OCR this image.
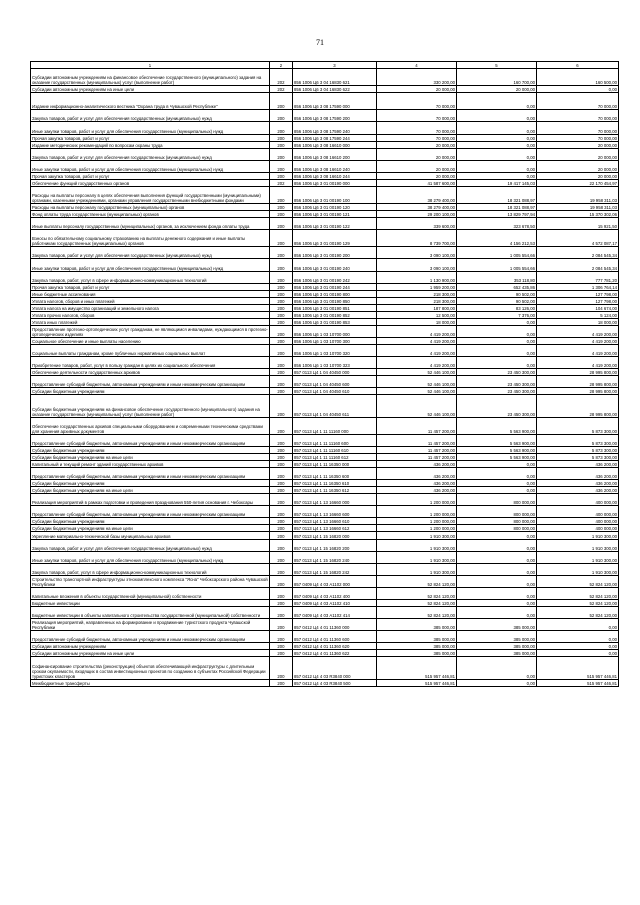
71
1	2	3	4	5	6
Субсидии автономным учреждениям на финансовое обеспечение государственного (муниципального) задания на оказание государственных (муниципальных) услуг (выполнение работ)	202	856 1006 Ц6 3 04 16830 621	330 200,00	160 700,00	160 500,00
Субсидии автономным учреждениям на иные цели	202	856 1006 Ц6 3 04 16830 622	20 000,00	20 000,00	0,00
Издание информационно-аналитического вестника "Охрана труда в Чувашской Республике"	200	856 1006 Ц6 3 08 17590 000	70 000,00	0,00	70 000,00
Закупка товаров, работ и услуг для обеспечения государственных (муниципальных) нужд	200	856 1006 Ц6 3 08 17590 200	70 000,00	0,00	70 000,00
Иные закупки товаров, работ и услуг для обеспечения государственных (муниципальных) нужд	200	856 1006 Ц6 3 08 17590 240	70 000,00	0,00	70 000,00
Прочая закупка товаров, работ и услуг	200	856 1006 Ц6 3 08 17590 244	70 000,00	0,00	70 000,00
Издание методических рекомендаций по вопросам охраны труда	200	856 1006 Ц6 3 08 16610 000	20 000,00	0,00	20 000,00
Закупка товаров, работ и услуг для обеспечения государственных (муниципальных) нужд	200	856 1006 Ц6 3 08 16610 200	20 000,00	0,00	20 000,00
Иные закупки товаров, работ и услуг для обеспечения государственных (муниципальных) нужд	200	856 1006 Ц6 3 08 16610 240	20 000,00	0,00	20 000,00
Прочая закупка товаров, работ и услуг	200	856 1006 Ц6 3 08 16610 244	20 000,00	0,00	20 000,00
Обеспечение функций государственных органов	202	856 1006 Ц6 3 01 00190 000	41 587 600,00	19 417 145,03	22 170 454,97
Расходы на выплаты персоналу в целях обеспечения выполнения функций государственными (муниципальными) органами, казенными учреждениями, органами управления государственными внебюджетными фондами	200	856 1006 Ц6 3 01 00190 100	38 279 400,00	18 321 088,97	19 958 311,03
Расходы на выплаты персоналу государственных (муниципальных) органов	200	856 1006 Ц6 3 01 00190 120	38 279 400,00	18 321 088,97	19 958 311,03
Фонд оплаты труда государственных (муниципальных) органов	200	856 1006 Ц6 3 01 00190 121	29 200 100,00	13 829 797,94	15 370 302,06
Иные выплаты персоналу государственных (муниципальных) органов, за исключением фонда оплаты труда	200	856 1006 Ц6 3 01 00190 122	339 600,00	323 678,50	15 921,50
Взносы по обязательному социальному страхованию на выплаты денежного содержания и иные выплаты работникам государственных (муниципальных) органов	200	856 1006 Ц6 3 01 00190 129	8 739 700,00	4 156 212,53	4 572 087,17
Закупка товаров, работ и услуг для обеспечения государственных (муниципальных) нужд	200	856 1006 Ц6 3 01 00190 200	3 090 100,00	1 005 554,66	2 084 545,34
Иные закупки товаров, работ и услуг для обеспечения государственных (муниципальных) нужд	200	856 1006 Ц6 3 01 00190 240	3 090 100,00	1 005 554,66	2 084 545,34
Закупка товаров, работ, услуг в сфере информационно-коммуникационных технологий	200	856 1006 Ц6 3 01 00190 242	1 130 900,00	353 118,80	777 781,20
Прочая закупка товаров, работ и услуг	200	856 1006 Ц6 3 01 00190 244	1 959 200,00	652 435,86	1 306 764,14
Иные бюджетные ассигнования	200	856 1006 Ц6 3 01 00190 800	218 300,00	90 502,00	127 798,00
Уплата налогов, сборов и иных платежей	200	856 1006 Ц6 3 01 00190 850	218 300,00	90 502,00	127 798,00
Уплата налога на имущество организаций и земельного налога	200	856 1006 Ц6 3 01 00190 851	187 800,00	83 126,00	104 674,00
Уплата прочих налогов, сборов	200	856 1006 Ц6 3 01 00190 852	12 500,00	7 376,00	5 124,00
Уплата иных платежей	200	856 1006 Ц6 3 01 00190 853	18 000,00	0,00	18 000,00
Предоставление протезно-ортопедических услуг гражданам, не являющимся инвалидами, нуждающимся в протезно-ортопедических изделиях	200	856 1006 Ц6 1 03 10700 000	4 419 200,00	0,00	4 419 200,00
Социальное обеспечение и иные выплаты населению	200	856 1006 Ц6 1 03 10700 300	4 419 200,00	0,00	4 419 200,00
Социальные выплаты гражданам, кроме публичных нормативных социальных выплат	200	856 1006 Ц6 1 03 10700 320	4 419 200,00	0,00	4 419 200,00
Приобретение товаров, работ, услуг в пользу граждан в целях их социального обеспечения	200	856 1006 Ц6 1 03 10700 323	4 419 200,00	0,00	4 419 200,00
Обеспечение деятельности государственных архивов	200	857 0113 Ц4 1 04 40450 000	52 446 100,00	23 450 300,00	28 995 800,00
Предоставление субсидий бюджетным, автономным учреждениям и иным некоммерческим организациям	200	857 0113 Ц4 1 04 40450 600	52 446 100,00	23 450 300,00	28 995 800,00
Субсидии бюджетным учреждениям	200	857 0113 Ц4 1 04 40450 610	52 446 100,00	23 450 300,00	28 995 800,00
Субсидии бюджетным учреждениям на финансовое обеспечение государственного (муниципального) задания на оказание государственных (муниципальных) услуг (выполнение работ)	200	857 0113 Ц4 1 04 40450 611	52 446 100,00	23 450 300,00	28 995 800,00
Обеспечение государственных архивов специальными оборудованием и современными техническими средствами для хранения архивных документов	200	857 0113 Ц4 1 11 11160 000	11 457 200,00	5 563 900,00	5 873 300,00
Предоставление субсидий бюджетным, автономным учреждениям и иным некоммерческим организациям	200	857 0113 Ц4 1 11 11160 600	11 457 200,00	5 563 900,00	5 873 300,00
Субсидии бюджетным учреждениям	200	857 0113 Ц4 1 11 11160 610	11 457 200,00	5 563 900,00	5 873 300,00
Субсидии бюджетным учреждениям на иные цели	200	857 0113 Ц4 1 11 11160 612	11 457 200,00	5 563 900,00	5 873 300,00
Капитальный и текущий ремонт зданий государственных архивов	200	857 0113 Ц4 1 11 16350 000	436 200,00	0,00	436 200,00
Предоставление субсидий бюджетным, автономным учреждениям и иным некоммерческим организациям	200	857 0113 Ц4 1 11 16350 600	436 200,00	0,00	436 200,00
Субсидии бюджетным учреждениям	200	857 0113 Ц4 1 11 16350 610	436 200,00	0,00	436 200,00
Субсидии бюджетным учреждениям на иные цели	200	857 0113 Ц4 1 11 16350 612	436 200,00	0,00	436 200,00
Реализация мероприятий в рамках подготовки и проведения празднования 550-летия основания г. Чебоксары	200	857 0113 Ц4 1 13 16660 000	1 200 000,00	800 000,00	400 000,00
Предоставление субсидий бюджетным, автономным учреждениям и иным некоммерческим организациям	200	857 0113 Ц4 1 13 16660 600	1 200 000,00	800 000,00	400 000,00
Субсидии бюджетным учреждениям	200	857 0113 Ц4 1 13 16660 610	1 200 000,00	800 000,00	400 000,00
Субсидии бюджетным учреждениям на иные цели	200	857 0113 Ц4 1 13 16660 612	1 200 000,00	800 000,00	400 000,00
Укрепление материально-технической базы муниципальных архивов	200	857 0113 Ц4 1 15 16820 000	1 910 300,00	0,00	1 910 300,00
Закупка товаров, работ и услуг для обеспечения государственных (муниципальных) нужд	200	857 0113 Ц4 1 15 16820 200	1 910 300,00	0,00	1 910 300,00
Иные закупки товаров, работ и услуг для обеспечения государственных (муниципальных) нужд	200	857 0113 Ц4 1 15 16820 240	1 910 300,00	0,00	1 910 300,00
Закупка товаров, работ, услуг в сфере информационно-коммуникационных технологий	200	857 0113 Ц4 1 15 16820 242	1 910 300,00	0,00	1 910 300,00
Строительство транспортной инфраструктуры этнокомплексного комплекса "Ясна" Чебоксарского района Чувашской Республики	200	857 0409 Ц4 4 03 А1102 000	52 824 120,00	0,00	52 824 120,00
Капитальные вложения в объекты государственной (муниципальной) собственности	200	857 0409 Ц4 4 03 А1102 400	52 824 120,00	0,00	52 824 120,00
Бюджетные инвестиции	200	857 0409 Ц4 4 03 А1102 410	52 824 120,00	0,00	52 824 120,00
Бюджетные инвестиции в объекты капитального строительства государственной (муниципальной) собственности	200	857 0409 Ц4 4 03 А1102 414	52 824 120,00	0,00	52 824 120,00
Реализация мероприятий, направленных на формирование и продвижение туристского продукта Чувашской Республики	200	857 0412 Ц4 4 01 11360 000	385 000,00	385 000,00	0,00
Предоставление субсидий бюджетным, автономным учреждениям и иным некоммерческим организациям	200	857 0412 Ц4 4 01 11360 600	385 000,00	385 000,00	0,00
Субсидии автономным учреждениям	200	857 0412 Ц4 4 01 11360 620	385 000,00	385 000,00	0,00
Субсидии автономным учреждениям на иные цели	200	857 0412 Ц4 4 01 11360 622	385 000,00	385 000,00	0,00
Софинансирование строительства (реконструкции) объектов обеспечивающей инфраструктуры с длительным сроком окупаемости, входящих в состав инвестиционных проектов по созданию в субъектах Российской Федерации туристских кластеров	200	857 0412 Ц4 4 03 R3840 000	515 957 446,81	0,00	515 957 446,81
Межбюджетные трансферты	200	857 0412 Ц4 4 03 R3840 500	515 957 446,81	0,00	515 957 446,81
